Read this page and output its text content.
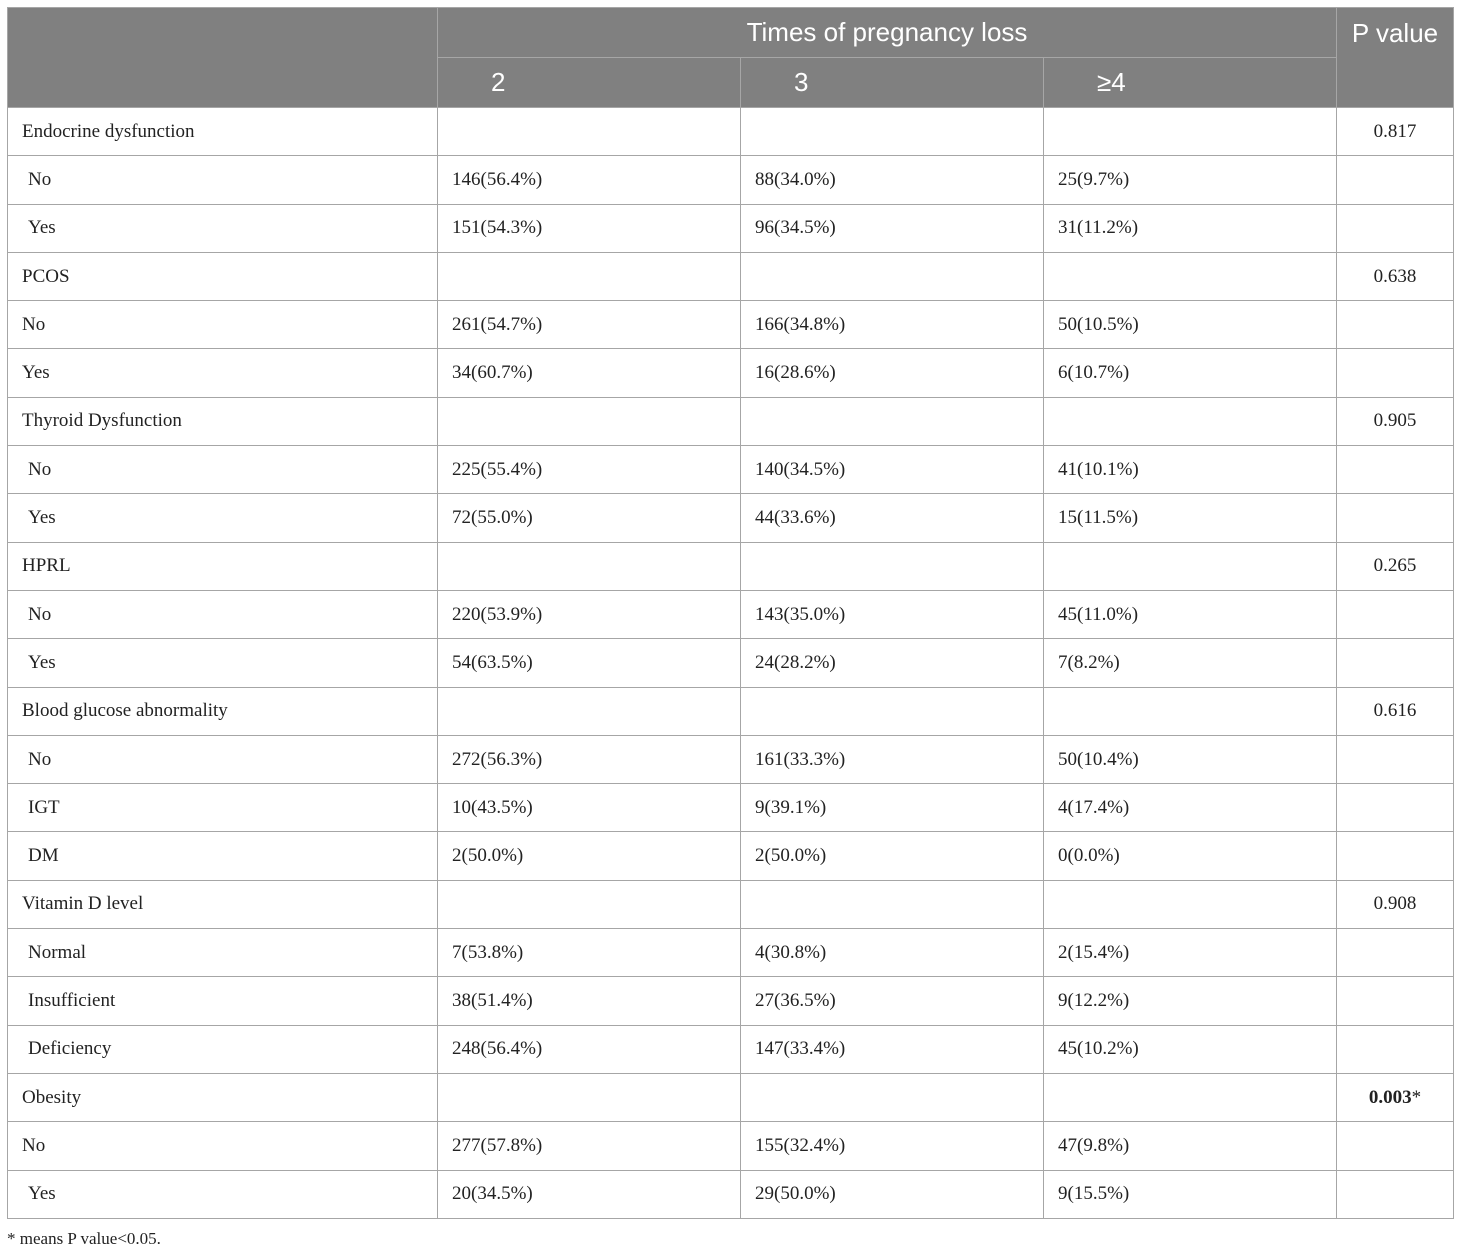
	Times of pregnancy loss			P value
	2	3	≥4	
Endocrine dysfunction				0.817
No	146(56.4%)	88(34.0%)	25(9.7%)	
Yes	151(54.3%)	96(34.5%)	31(11.2%)	
PCOS				0.638
No	261(54.7%)	166(34.8%)	50(10.5%)	
Yes	34(60.7%)	16(28.6%)	6(10.7%)	
Thyroid Dysfunction				0.905
No	225(55.4%)	140(34.5%)	41(10.1%)	
Yes	72(55.0%)	44(33.6%)	15(11.5%)	
HPRL				0.265
No	220(53.9%)	143(35.0%)	45(11.0%)	
Yes	54(63.5%)	24(28.2%)	7(8.2%)	
Blood glucose abnormality				0.616
No	272(56.3%)	161(33.3%)	50(10.4%)	
IGT	10(43.5%)	9(39.1%)	4(17.4%)	
DM	2(50.0%)	2(50.0%)	0(0.0%)	
Vitamin D level				0.908
Normal	7(53.8%)	4(30.8%)	2(15.4%)	
Insufficient	38(51.4%)	27(36.5%)	9(12.2%)	
Deficiency	248(56.4%)	147(33.4%)	45(10.2%)	
Obesity				0.003*
No	277(57.8%)	155(32.4%)	47(9.8%)	
Yes	20(34.5%)	29(50.0%)	9(15.5%)	
* means P value<0.05.
